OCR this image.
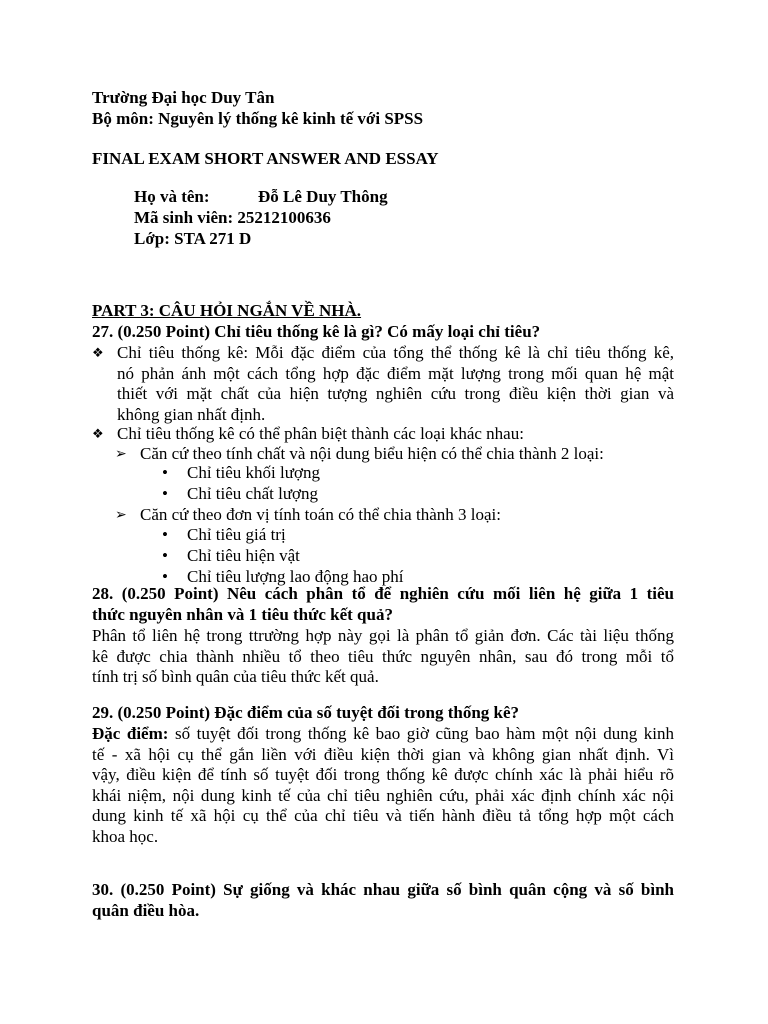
Trường Đại học Duy Tân
Bộ môn: Nguyên lý thống kê kinh tế với SPSS
FINAL EXAM SHORT ANSWER AND ESSAY
Họ và tên:	Đỗ Lê Duy Thông
Mã sinh viên: 25212100636
Lớp: STA 271 D
PART 3: CÂU HỎI NGẮN VỀ NHÀ.
27. (0.250 Point) Chỉ tiêu thống kê là gì? Có mấy loại chỉ tiêu?
❖ Chỉ tiêu thống kê: Mỗi đặc điểm của tổng thể thống kê là chỉ tiêu thống kê,
nó phản ánh một cách tổng hợp đặc điểm mặt lượng trong mối quan hệ mật
thiết với mặt chất của hiện tượng nghiên cứu trong điều kiện thời gian và
không gian nhất định.
❖ Chỉ tiêu thống kê có thể phân biệt thành các loại khác nhau:
➢ Căn cứ theo tính chất và nội dung biểu hiện có thể chia thành 2 loại:
• Chỉ tiêu khối lượng
• Chỉ tiêu chất lượng
➢ Căn cứ theo đơn vị tính toán có thể chia thành 3 loại:
• Chỉ tiêu giá trị
• Chỉ tiêu hiện vật
• Chỉ tiêu lượng lao động hao phí
28. (0.250 Point) Nêu cách phân tổ để nghiên cứu mối liên hệ giữa 1 tiêu
thức nguyên nhân và 1 tiêu thức kết quả?
Phân tổ liên hệ trong ttrường hợp này gọi là phân tổ giản đơn. Các tài liệu thống
kê được chia thành nhiều tổ theo tiêu thức nguyên nhân, sau đó trong mỗi tổ
tính trị số bình quân của tiêu thức kết quả.
29. (0.250 Point) Đặc điểm của số tuyệt đối trong thống kê?
Đặc điểm: số tuyệt đối trong thống kê bao giờ cũng bao hàm một nội dung kinh
tế - xã hội cụ thể gắn liền với điều kiện thời gian và không gian nhất định. Vì
vậy, điều kiện để tính số tuyệt đối trong thống kê được chính xác là phải hiểu rõ
khái niệm, nội dung kinh tế của chỉ tiêu nghiên cứu, phải xác định chính xác nội
dung kinh tế xã hội cụ thể của chỉ tiêu và tiến hành điều tả tổng hợp một cách
khoa học.
30. (0.250 Point) Sự giống và khác nhau giữa số bình quân cộng và số bình
quân điều hòa.
